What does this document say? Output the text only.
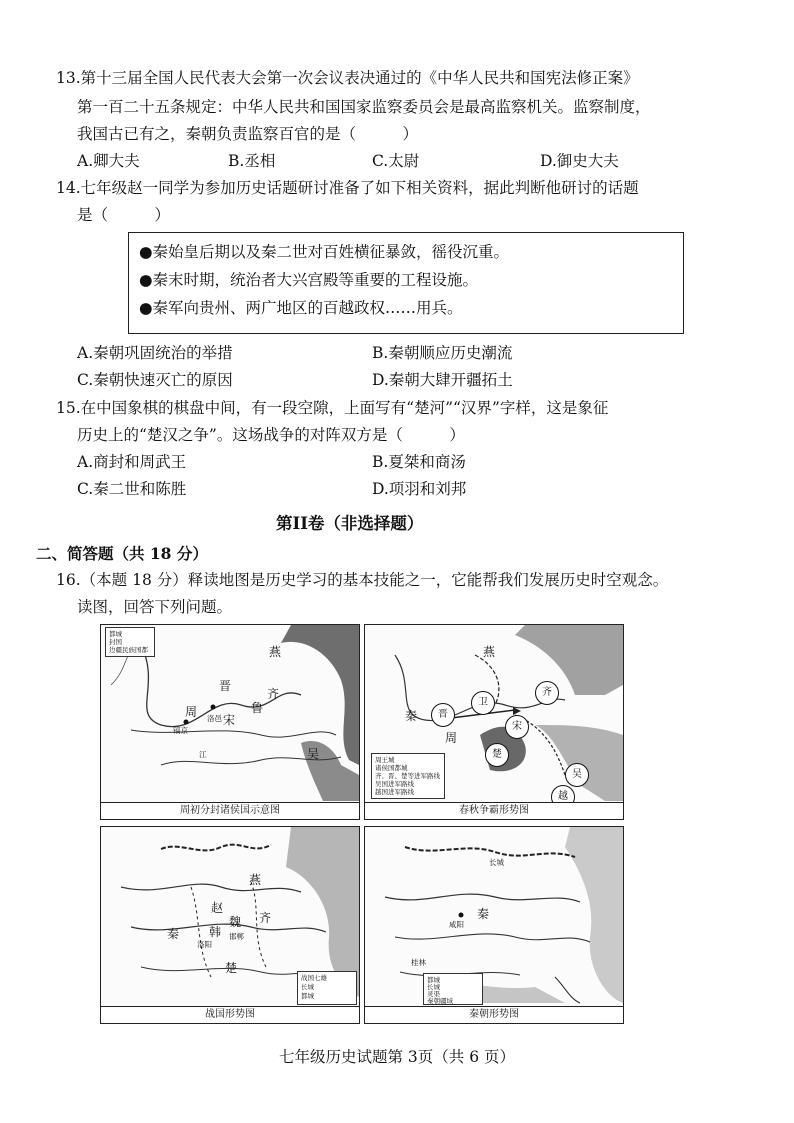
13.第十三届全国人民代表大会第一次会议表决通过的《中华人民共和国宪法修正案》
第一百二十五条规定：中华人民共和国国家监察委员会是最高监察机关。监察制度，
我国古已有之，秦朝负责监察百官的是（　　　）
A.卿大夫	B.丞相	C.太尉	D.御史大夫
14.七年级赵一同学为参加历史话题研讨准备了如下相关资料，据此判断他研讨的话题
是（　　　）
●秦始皇后期以及秦二世对百姓横征暴敛，徭役沉重。
●秦末时期，统治者大兴宫殿等重要的工程设施。
●秦军向贵州、两广地区的百越政权……用兵。
A.秦朝巩固统治的举措	B.秦朝顺应历史潮流
C.秦朝快速灭亡的原因	D.秦朝大肆开疆拓土
15.在中国象棋的棋盘中间，有一段空隙，上面写有“楚河”“汉界”字样，这是象征
历史上的“楚汉之争”。这场战争的对阵双方是（　　　）
A.商封和周武王	B.夏桀和商汤
C.秦二世和陈胜	D.项羽和刘邦
第II卷（非选择题）
二、简答题（共 18 分）
16.（本题 18 分）释读地图是历史学习的基本技能之一，它能帮我们发展历史时空观念。
读图，回答下列问题。
都城
封国
边疆民族国都	燕
晋
齐
鲁
周 洛邑
镐京
宋
吴
江
周初分封诸侯国示意图
周王城
诸侯国都城
齐、晋、楚等进军路线
吴国进军路线
越国进军路线
燕
秦
周
卫
齐
晋
宋
楚
吴
越
春秋争霸形势图
战国七雄
长城
都城
燕
赵
韩
魏 齐
秦
楚
洛阳
邯郸
战国形势图
都城
长城
灵渠
秦朝疆域
咸阳
秦
长城
桂林
秦朝形势图
七年级历史试题第 3页（共 6 页）
